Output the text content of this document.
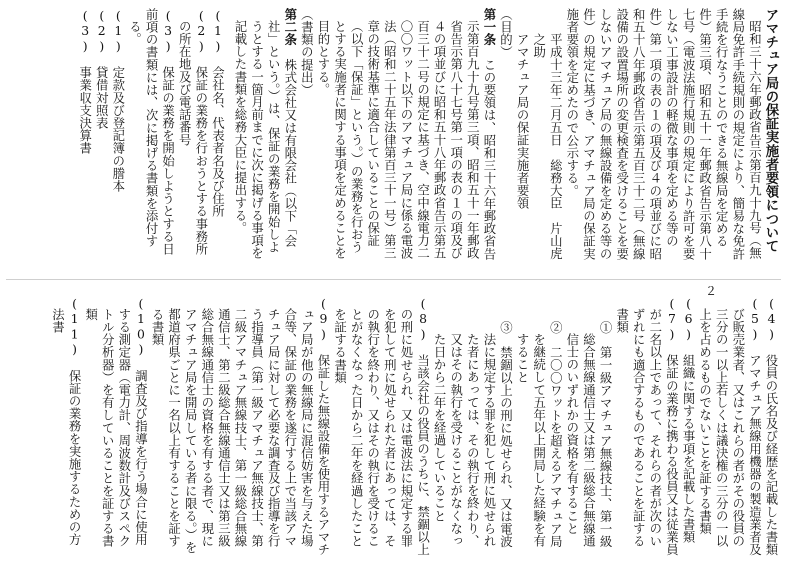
アマチュア局の保証実施者要領について

昭和三十六年郵政省告示第百九十九号（無線局免許手続規則の規定により、簡易な免許手続を行なうことのできる無線局を定める件）第三項、昭和五十一年郵政省告示第八十七号（電波法施行規則の規定により許可を要しない工事設計の軽微な事項を定める等の件）第一項の表の１の項及び４の項並びに昭和五十八年郵政省告示第五百三十二号（無線設備の設置場所の変更検査を受けることを要しないアマチュア局の無線設備を定める等の件）の規定に基づき、アマチュア局の保証実施者要領を定めたので公示する。

平成十三年二月五日　総務大臣　片山虎之助

アマチュア局の保証実施者要領

（目的）

第一条　この要領は、昭和三十六年郵政省告示第百九十九号第三項、昭和五十一年郵政省告示第八十七号第一項の表の１の項及び４の項並びに昭和五十八年郵政省告示第五百三十二号の規定に基づき、空中線電力二〇〇ワット以下のアマチュア局に係る電波法（昭和二十五年法律第百三十一号）第三章の技術基準に適合していることの保証（以下「保証」という。）の業務を行おうとする実施者に関する事項を定めることを目的とする。

（書類の提出）

第二条　株式会社又は有限会社（以下「会社」という。）は、保証の業務を開始しようとする一箇月前までに次に掲げる事項を記載した書類を総務大臣に提出する。

(1)　会社名、代表者名及び住所

(2)　保証の業務を行おうとする事務所の所在地及び電話番号

(3)　保証の業務を開始しようとする日

前項の書類には、次に掲げる書類を添付する。

(1)　定款及び登記簿の謄本

(2)　貸借対照表

(3)　事業収支決算書

２

(4)　役員の氏名及び経歴を記載した書類

(5)　アマチュア無線用機器の製造業者及び販売業者、又はこれらの者がその役員の三分の一以上若しくは議決権の三分の一以上を占めるものでないことを証する書類

(6)　組織に関する事項を記載した書類

(7)　保証の業務に携わる役員又は従業員が二名以上であって、それらの者が次のいずれにも適合するものであることを証する書類

①　第一級アマチュア無線技士、第一級総合無線通信士又は第二級総合無線通信士のいずれかの資格を有すること

②　二〇〇ワットを超えるアマチュア局を継続して五年以上開局した経験を有すること

③　禁錮以上の刑に処せられ、又は電波法に規定する罪を犯して刑に処せられた者にあっては、その執行を終わり、又はその執行を受けることがなくなった日から二年を経過していること

(8)　当該会社の役員のうちに、禁錮以上の刑に処せられ、又は電波法に規定する罪を犯して刑に処せられた者にあっては、その執行を終わり、又はその執行を受けることがなくなった日から二年を経過したことを証する書類

(9)　保証した無線設備を使用するアマチュア局が他の無線局に混信妨害を与えた場合等、保証の業務を遂行する上で当該アマチュア局に対して必要な調査及び指導を行う指導員（第一級アマチュア無線技士、第二級アマチュア無線技士、第一級総合無線通信士、第二級総合無線通信士又は第三級総合無線通信士の資格を有する者で、現にアマチュア局を開局している者に限る。）を都道府県ごとに一名以上有することを証する書類

(10)　調査及び指導を行う場合に使用する測定器（電力計、周波数計及びスペクトル分析器）を有していることを証する書類

(11)　保証の業務を実施するための方法書
